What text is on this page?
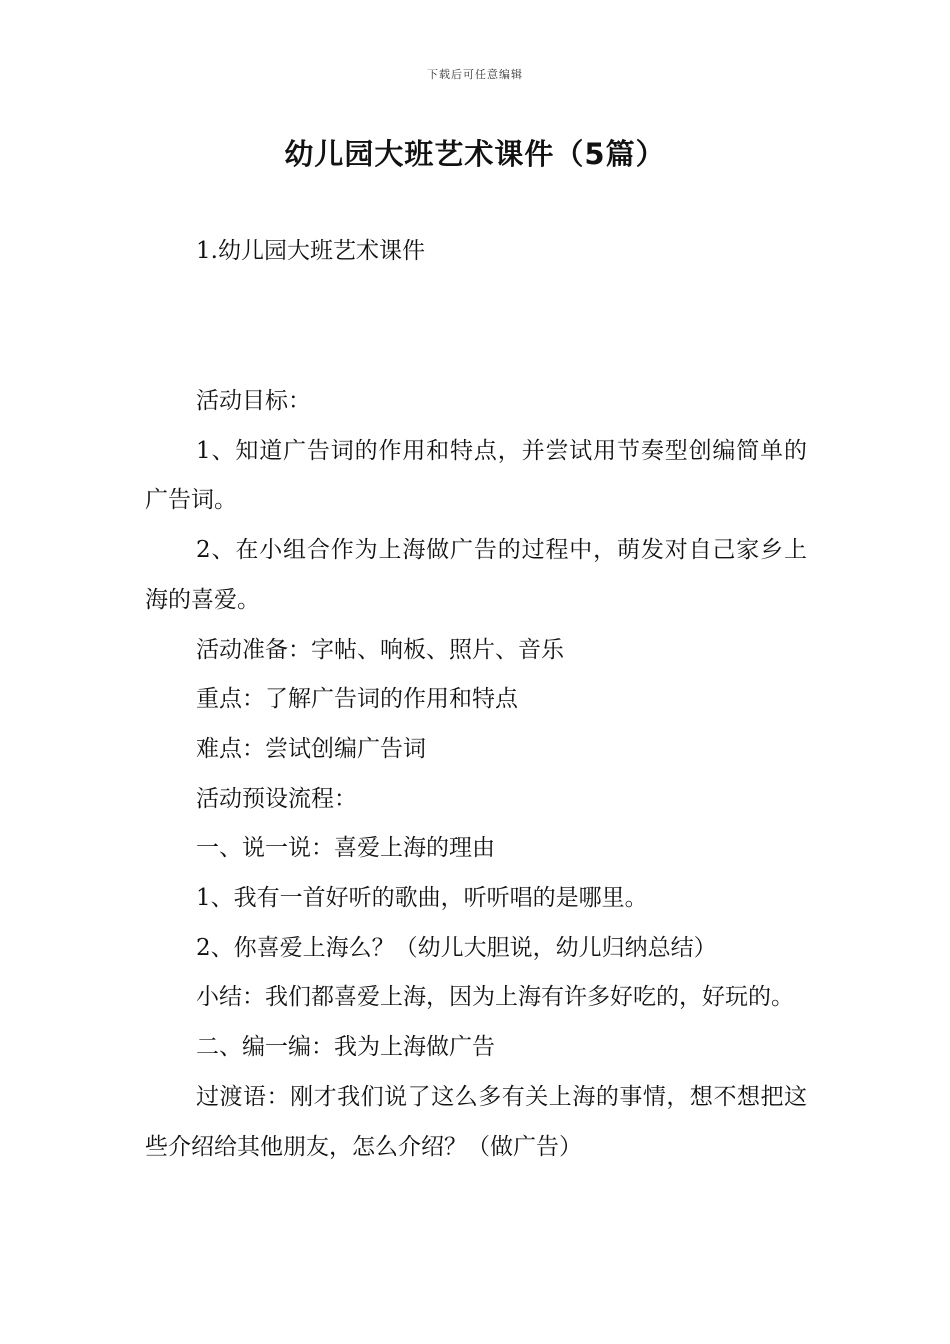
下载后可任意编辑
幼儿园大班艺术课件（5篇）
1.幼儿园大班艺术课件

活动目标：

1、知道广告词的作用和特点，并尝试用节奏型创编简单的广告词。

2、在小组合作为上海做广告的过程中，萌发对自己家乡上海的喜爱。

活动准备：字帖、响板、照片、音乐

重点：了解广告词的作用和特点

难点：尝试创编广告词

活动预设流程：

一、说一说：喜爱上海的理由

1、我有一首好听的歌曲，听听唱的是哪里。

2、你喜爱上海么？（幼儿大胆说，幼儿归纳总结）

小结：我们都喜爱上海，因为上海有许多好吃的，好玩的。

二、编一编：我为上海做广告

过渡语：刚才我们说了这么多有关上海的事情，想不想把这些介绍给其他朋友，怎么介绍？（做广告）
